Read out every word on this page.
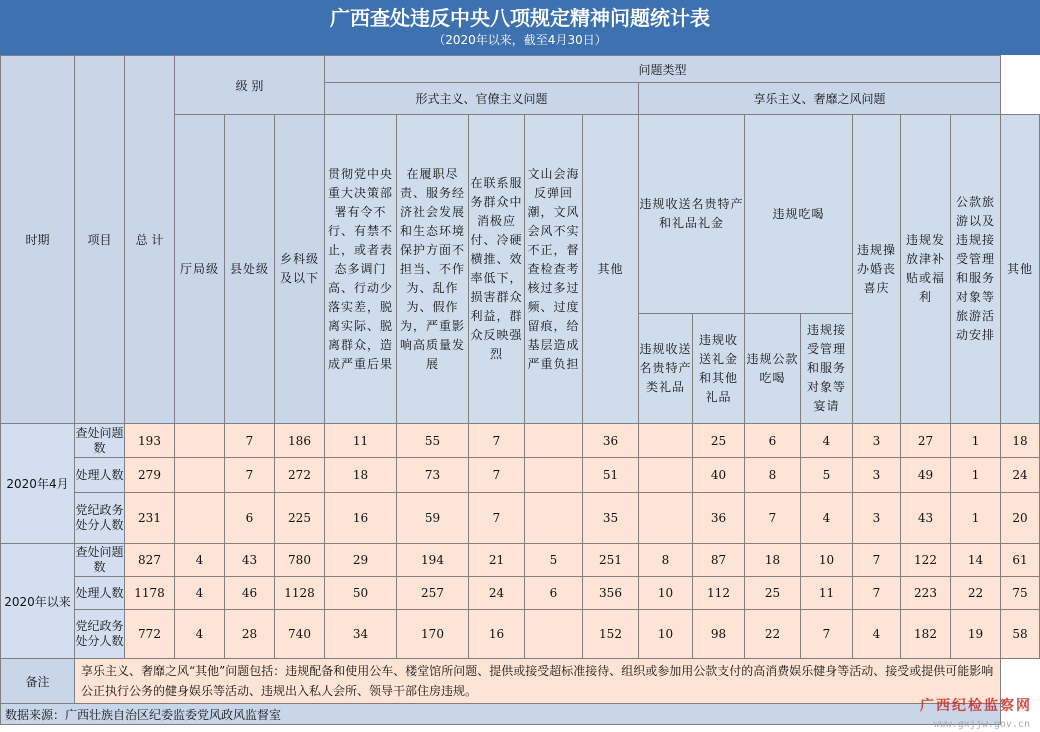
广西查处违反中央八项规定精神问题统计表
（2020年以来，截至4月30日）
时期	项目	总 计	级 别			问题类型												
						形式主义、官僚主义问题					享乐主义、奢靡之风问题							
			厅局级	县处级	乡科级及以下	贯彻党中央重大决策部署有令不行、有禁不止，或者表态多调门高、行动少落实差，脱离实际、脱离群众，造成严重后果	在履职尽责、服务经济社会发展和生态环境保护方面不担当、不作为、乱作为、假作为，严重影响高质量发展	在联系服务群众中消极应付、冷硬横推、效率低下，损害群众利益，群众反映强烈	文山会海反弹回潮，文风会风不实不正，督查检查考核过多过频、过度留痕，给基层造成严重负担	其他	违规收送名贵特产和礼品礼金		违规吃喝		违规操办婚丧喜庆	违规发放津补贴或福利	公款旅游以及违规接受管理和服务对象等旅游活动安排	其他
											违规收送名贵特产类礼品	违规收送礼金和其他礼品	违规公款吃喝	违规接受管理和服务对象等宴请				
2020年4月	查处问题数	193		7	186	11	55	7		36		25	6	4	3	27	1	18
	处理人数	279		7	272	18	73	7		51		40	8	5	3	49	1	24
	党纪政务处分人数	231		6	225	16	59	7		35		36	7	4	3	43	1	20
2020年以来	查处问题数	827	4	43	780	29	194	21	5	251	8	87	18	10	7	122	14	61
	处理人数	1178	4	46	1128	50	257	24	6	356	10	112	25	11	7	223	22	75
	党纪政务处分人数	772	4	28	740	34	170	16		152	10	98	22	7	4	182	19	58
备注	享乐主义、奢靡之风“其他”问题包括：违规配备和使用公车、楼堂馆所问题、提供或接受超标准接待、组织或参加用公款支付的高消费娱乐健身等活动、接受或提供可能影响公正执行公务的健身娱乐等活动、违规出入私人会所、领导干部住房违规。																	
数据来源：广西壮族自治区纪委监委党风政风监督室																		
广西纪检监察网
www.gxjjw.gov.cn
